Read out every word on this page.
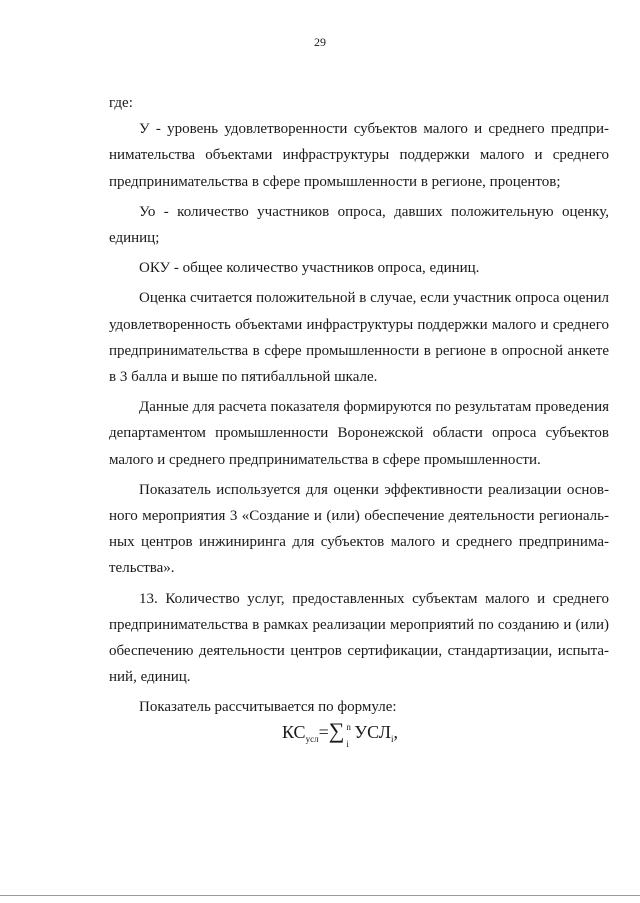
29
где:
У - уровень удовлетворенности субъектов малого и среднего предпри-
нимательства объектами инфраструктуры поддержки малого и среднего
предпринимательства в сфере промышленности в регионе, процентов;
Уо - количество участников опроса, давших положительную оценку,
единиц;
ОКУ - общее количество участников опроса, единиц.
Оценка считается положительной в случае, если участник опроса оценил
удовлетворенность объектами инфраструктуры поддержки малого и среднего
предпринимательства в сфере промышленности в регионе в опросной анкете
в 3 балла и выше по пятибалльной шкале.
Данные для расчета показателя формируются по результатам проведения
департаментом промышленности Воронежской области опроса субъектов
малого и среднего предпринимательства в сфере промышленности.
Показатель используется для оценки эффективности реализации основ-
ного мероприятия 3 «Создание и (или) обеспечение деятельности региональ-
ных центров инжиниринга для субъектов малого и среднего предпринима-
тельства».
13. Количество услуг, предоставленных субъектам малого и среднего
предпринимательства в рамках реализации мероприятий по созданию и (или)
обеспечению деятельности центров сертификации, стандартизации, испыта-
ний, единиц.
Показатель рассчитывается по формуле:
$КС_{усл}=\sum$ n
i
$УСЛ_i$,
